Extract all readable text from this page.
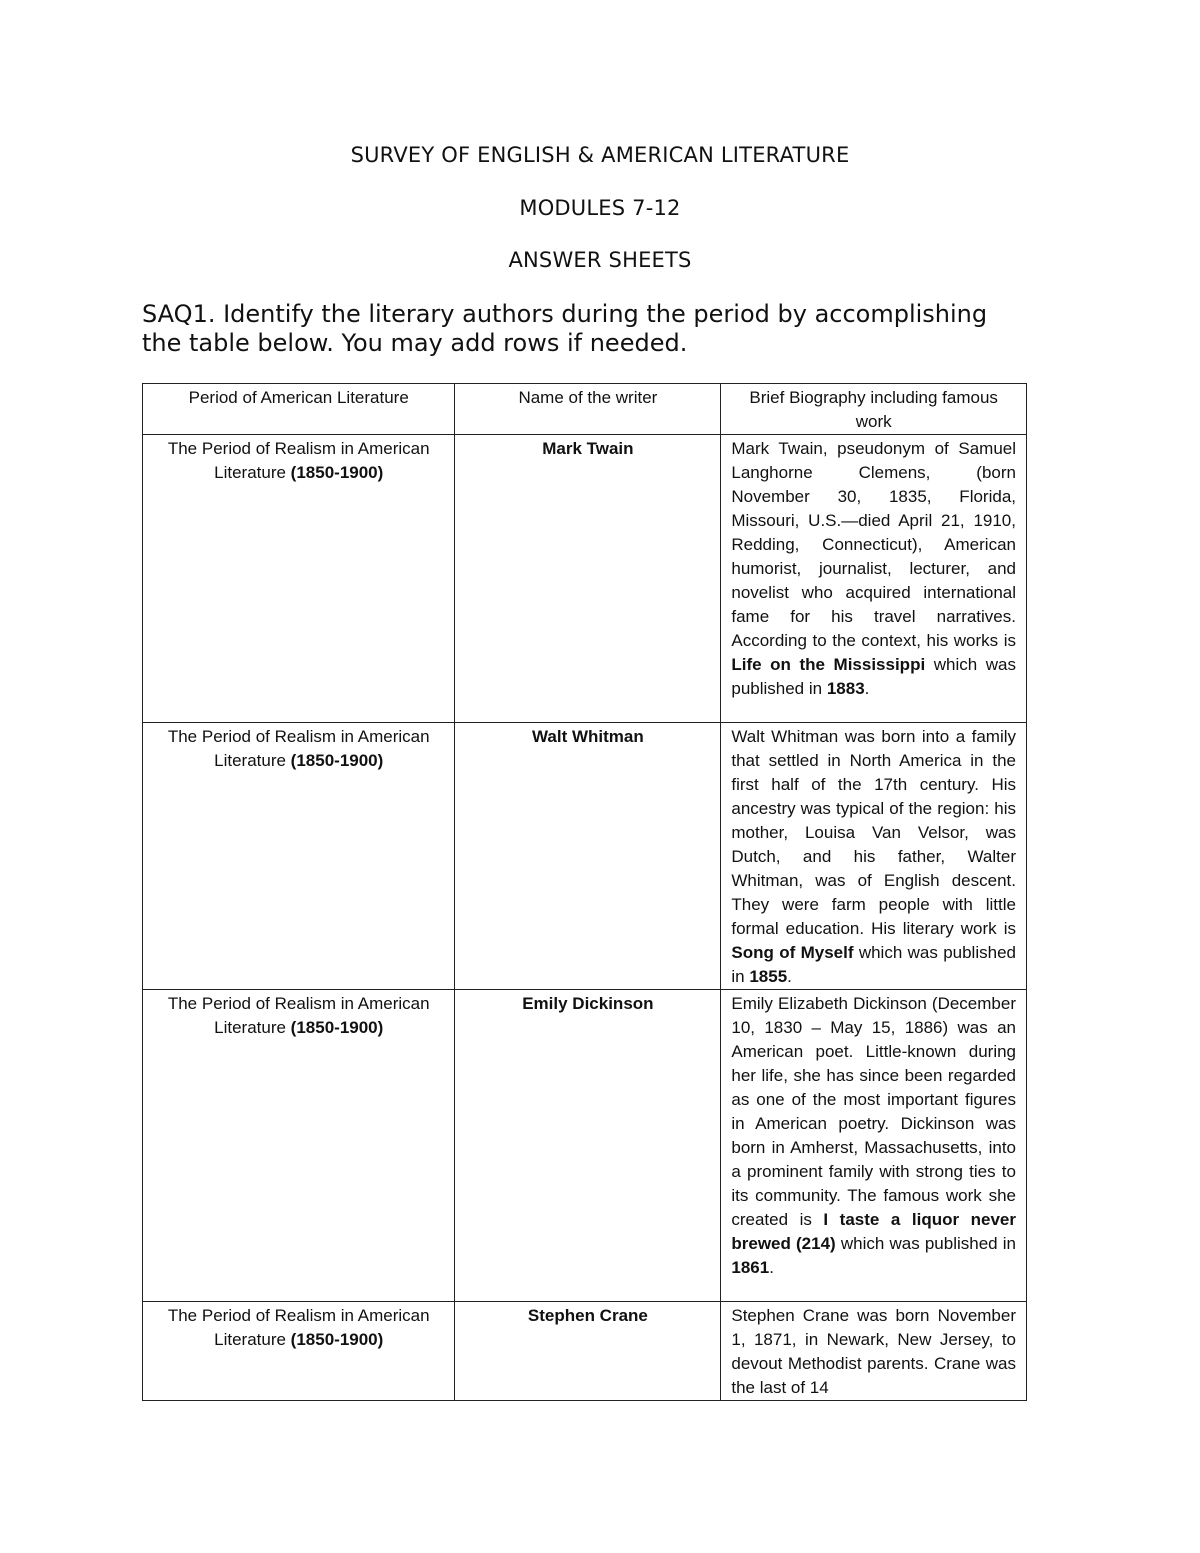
SURVEY OF ENGLISH & AMERICAN LITERATURE
MODULES 7-12
ANSWER SHEETS
SAQ1. Identify the literary authors during the period by accomplishing the table below. You may add rows if needed.
Period of American Literature	Name of the writer	Brief Biography including famous work
The Period of Realism in American Literature (1850-1900)	Mark Twain	Mark Twain, pseudonym of Samuel Langhorne Clemens, (born November 30, 1835, Florida, Missouri, U.S.—died April 21, 1910, Redding, Connecticut), American humorist, journalist, lecturer, and novelist who acquired international fame for his travel narratives. According to the context, his works is Life on the Mississippi which was published in 1883.
The Period of Realism in American Literature (1850-1900)	Walt Whitman	Walt Whitman was born into a family that settled in North America in the first half of the 17th century. His ancestry was typical of the region: his mother, Louisa Van Velsor, was Dutch, and his father, Walter Whitman, was of English descent. They were farm people with little formal education. His literary work is Song of Myself which was published in 1855.
The Period of Realism in American Literature (1850-1900)	Emily Dickinson	Emily Elizabeth Dickinson (December 10, 1830 – May 15, 1886) was an American poet. Little-known during her life, she has since been regarded as one of the most important figures in American poetry. Dickinson was born in Amherst, Massachusetts, into a prominent family with strong ties to its community. The famous work she created is I taste a liquor never brewed (214) which was published in 1861.
The Period of Realism in American Literature (1850-1900)	Stephen Crane	Stephen Crane was born November 1, 1871, in Newark, New Jersey, to devout Methodist parents. Crane was the last of 14
